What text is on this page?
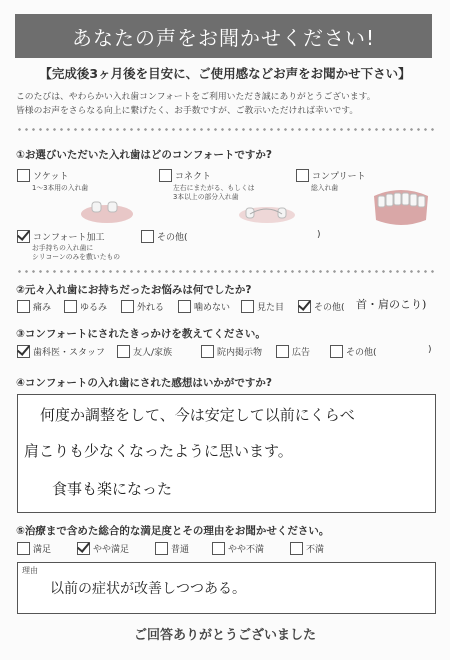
あなたの声をお聞かせください!
【完成後3ヶ月後を目安に、ご使用感などお声をお聞かせ下さい】
このたびは、やわらかい入れ歯コンフォートをご利用いただき誠にありがとうございます。
皆様のお声をさらなる向上に繋げたく、お手数ですが、ご教示いただければ幸いです。
①お選びいただいた入れ歯はどのコンフォートですか?
ソケット
1〜3本用の入れ歯
コネクト
左右にまたがる、もしくは
3本以上の部分入れ歯
コンプリート
総入れ歯
コンフォート加工
お手持ちの入れ歯に
シリコーンのみを敷いたもの
その他(	)
②元々入れ歯にお持ちだったお悩みは何でしたか?
痛み	ゆるみ	外れる	噛めない	見た目	その他( 首・肩のこり)
③コンフォートにされたきっかけを教えてください。
歯科医・スタッフ	友人/家族	院内掲示物	広告	その他(	)
④コンフォートの入れ歯にされた感想はいかがですか?
何度か調整をして、今は安定して以前にくらべ
肩こりも少なくなったように思います。
食事も楽になった
⑤治療まで含めた総合的な満足度とその理由をお聞かせください。
満足	やや満足	普通	やや不満	不満
理由
以前の症状が改善しつつある。
ご回答ありがとうございました
